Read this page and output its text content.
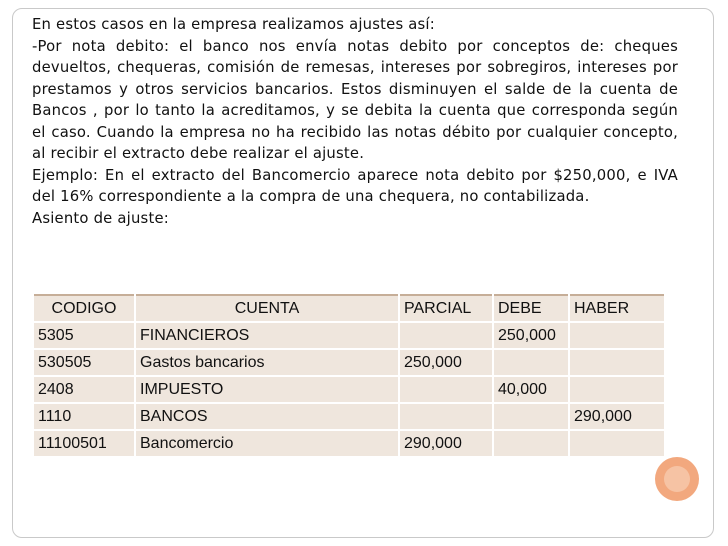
En estos casos en la empresa realizamos ajustes así:

-Por nota debito: el banco nos envía notas debito por conceptos de: cheques devueltos, chequeras, comisión de remesas, intereses por sobregiros, intereses por prestamos y otros servicios bancarios. Estos disminuyen el salde de la cuenta de Bancos , por lo tanto la acreditamos, y se debita la cuenta que corresponda según el caso. Cuando la empresa no ha recibido las notas débito por cualquier concepto, al recibir el extracto debe realizar el ajuste.

Ejemplo: En el extracto del Bancomercio aparece nota debito por $250,000, e IVA del 16% correspondiente a la compra de una chequera, no contabilizada.

Asiento de ajuste:

CODIGO	CUENTA	PARCIAL	DEBE	HABER
5305	FINANCIEROS		250,000	
530505	Gastos bancarios	250,000		
2408	IMPUESTO		40,000	
1110	BANCOS			290,000
11100501	Bancomercio	290,000		
